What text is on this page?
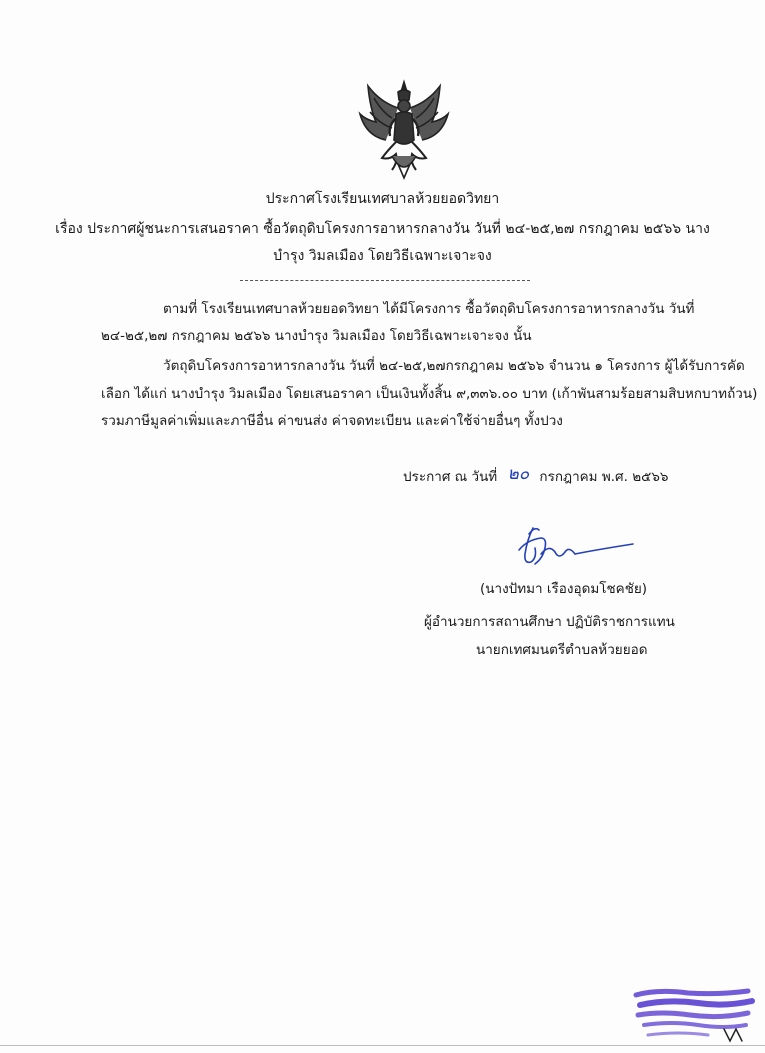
ประกาศโรงเรียนเทศบาลห้วยยอดวิทยา
เรื่อง ประกาศผู้ชนะการเสนอราคา ซื้อวัตถุดิบโครงการอาหารกลางวัน วันที่ ๒๔-๒๕,๒๗ กรกฎาคม ๒๕๖๖ นาง
บำรุง วิมลเมือง โดยวิธีเฉพาะเจาะจง
ตามที่ โรงเรียนเทศบาลห้วยยอดวิทยา ได้มีโครงการ ซื้อวัตถุดิบโครงการอาหารกลางวัน วันที่
๒๔-๒๕,๒๗ กรกฎาคม ๒๕๖๖ นางบำรุง วิมลเมือง โดยวิธีเฉพาะเจาะจง นั้น
วัตถุดิบโครงการอาหารกลางวัน วันที่ ๒๔-๒๕,๒๗กรกฎาคม ๒๕๖๖ จำนวน ๑ โครงการ ผู้ได้รับการคัด
เลือก ได้แก่ นางบำรุง วิมลเมือง โดยเสนอราคา เป็นเงินทั้งสิ้น ๙,๓๓๖.๐๐ บาท (เก้าพันสามร้อยสามสิบหกบาทถ้วน)
รวมภาษีมูลค่าเพิ่มและภาษีอื่น ค่าขนส่ง ค่าจดทะเบียน และค่าใช้จ่ายอื่นๆ ทั้งปวง
ประกาศ ณ วันที่ ๒๐ กรกฎาคม พ.ศ. ๒๕๖๖
(นางปัทมา เรืองอุดมโชคชัย)
ผู้อำนวยการสถานศึกษา ปฏิบัติราชการแทน
นายกเทศมนตรีตำบลห้วยยอด
